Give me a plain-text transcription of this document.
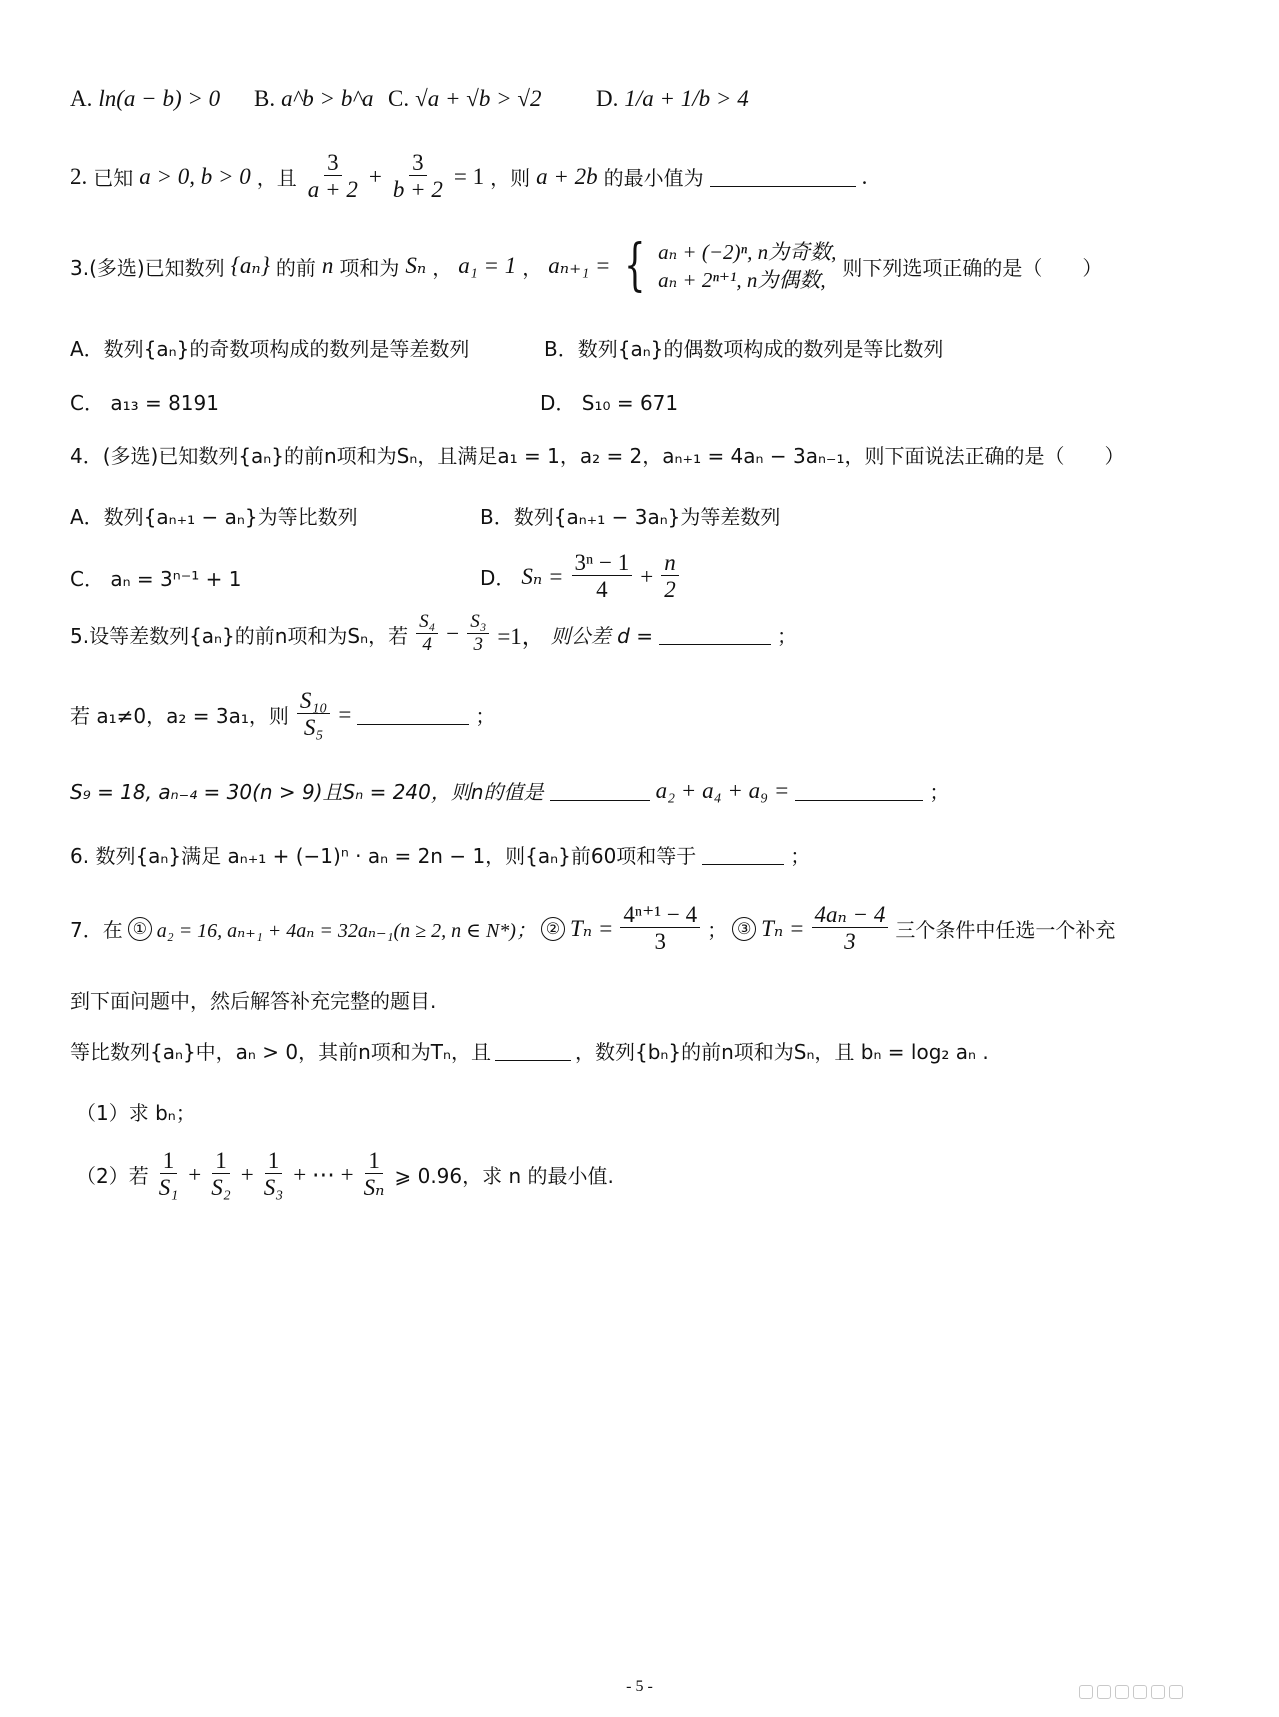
A. ln(a − b) > 0 B. a^b > b^a C. √a + √b > √2 D. 1/a + 1/b > 4
2. 已知 a > 0, b > 0 ，且 $\frac{3}{a + 2} + \frac{3}{b + 2} = 1$ ，则 a + 2b 的最小值为	.
3.(多选)已知数列 {aₙ} 的前 n 项和为 Sₙ ， a₁ = 1 ， aₙ₊₁ = { aₙ + (−2)ⁿ, n为奇数,
aₙ + 2ⁿ⁺¹, n为偶数,
则下列选项正确的是（　　）
A．数列{aₙ}的奇数项构成的数列是等差数列	B．数列{aₙ}的偶数项构成的数列是等比数列
C． a₁₃ = 8191	D． S₁₀ = 671
4．(多选)已知数列{aₙ}的前n项和为Sₙ，且满足a₁ = 1，a₂ = 2，aₙ₊₁ = 4aₙ − 3aₙ₋₁，则下面说法正确的是（　　）
A．数列{aₙ₊₁ − aₙ}为等比数列	B．数列{aₙ₊₁ − 3aₙ}为等差数列
C． aₙ = 3ⁿ⁻¹ + 1	D． $S_n = \frac{\text{3ⁿ − 1}}{4} + \frac{n}{2}$
5.设等差数列{aₙ}的前n项和为Sₙ，若 $\frac{\text{S₄}}{4} - \frac{\text{S₃}}{3} =1$， 则公差 d =	；
若 a₁≠0，a₂ = 3a₁，则 $\frac{\text{S₁₀}}{\text{S₅}}$ =	；
S₉ = 18, aₙ₋₄ = 30(n > 9)且Sₙ = 240，则n的值是	a₂ + a₄ + a₉ =	；
6. 数列{aₙ}满足 aₙ₊₁ + (−1)ⁿ · aₙ = 2n − 1，则{aₙ}前60项和等于	；
7．在 ① a₂ = 16, aₙ₊₁ + 4aₙ = 32aₙ₋₁(n ≥ 2, n ∈ N*)； ② $T_n = \frac{\text{4ⁿ⁺¹ − 4}}{3}$ ； ③ $T_n = \frac{\text{4aₙ − 4}}{3}$ 三个条件中任选一个补充
到下面问题中，然后解答补充完整的题目.
等比数列{aₙ}中，aₙ > 0，其前n项和为Tₙ，且	，数列{bₙ}的前n项和为Sₙ，且 bₙ = log₂ aₙ .
（1）求 bₙ；
（2）若 $\frac{1}{\text{S₁}} + \frac{1}{\text{S₂}} + \frac{1}{\text{S₃}}$ + ⋯ + $\frac{1}{\text{Sₙ}}$ ⩾ 0.96，求 n 的最小值.
- 5 -
